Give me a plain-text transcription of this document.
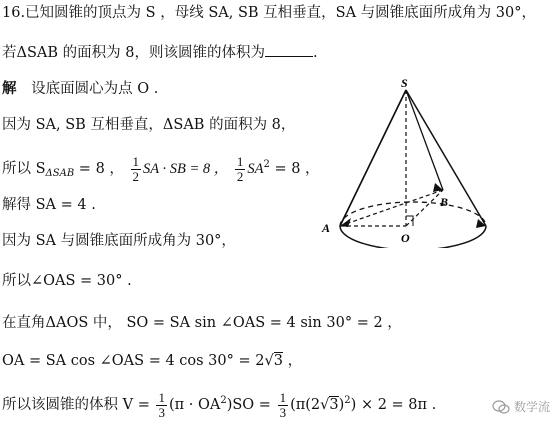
16.已知圆锥的顶点为 S ，母线 SA, SB 互相垂直，SA 与圆锥底面所成角为 30°，
若ΔSAB 的面积为 8，则该圆锥的体积为	.
解 设底面圆心为点 O .
因为 SA, SB 互相垂直，ΔSAB 的面积为 8，
所以 $S_{\Delta SAB} = 8$ ， $\frac{1}{2}$ SA · SB = 8 ， $\frac{1}{2} SA^2 = 8$ ，
解得 SA = 4 .
因为 SA 与圆锥底面所成角为 30°，
所以∠OAS = 30° .
在直角ΔAOS 中， SO = SA sin ∠OAS = 4 sin 30° = 2 ，
OA = SA cos ∠OAS = 4 cos 30° = 2√3 ，
所以该圆锥的体积 $V = \frac{1}{3} (\pi \cdot OA^2)SO = \frac{1}{3} (\pi(2√3)^2) \times 2 = 8\pi$ .
S
A
B
O
数学流
